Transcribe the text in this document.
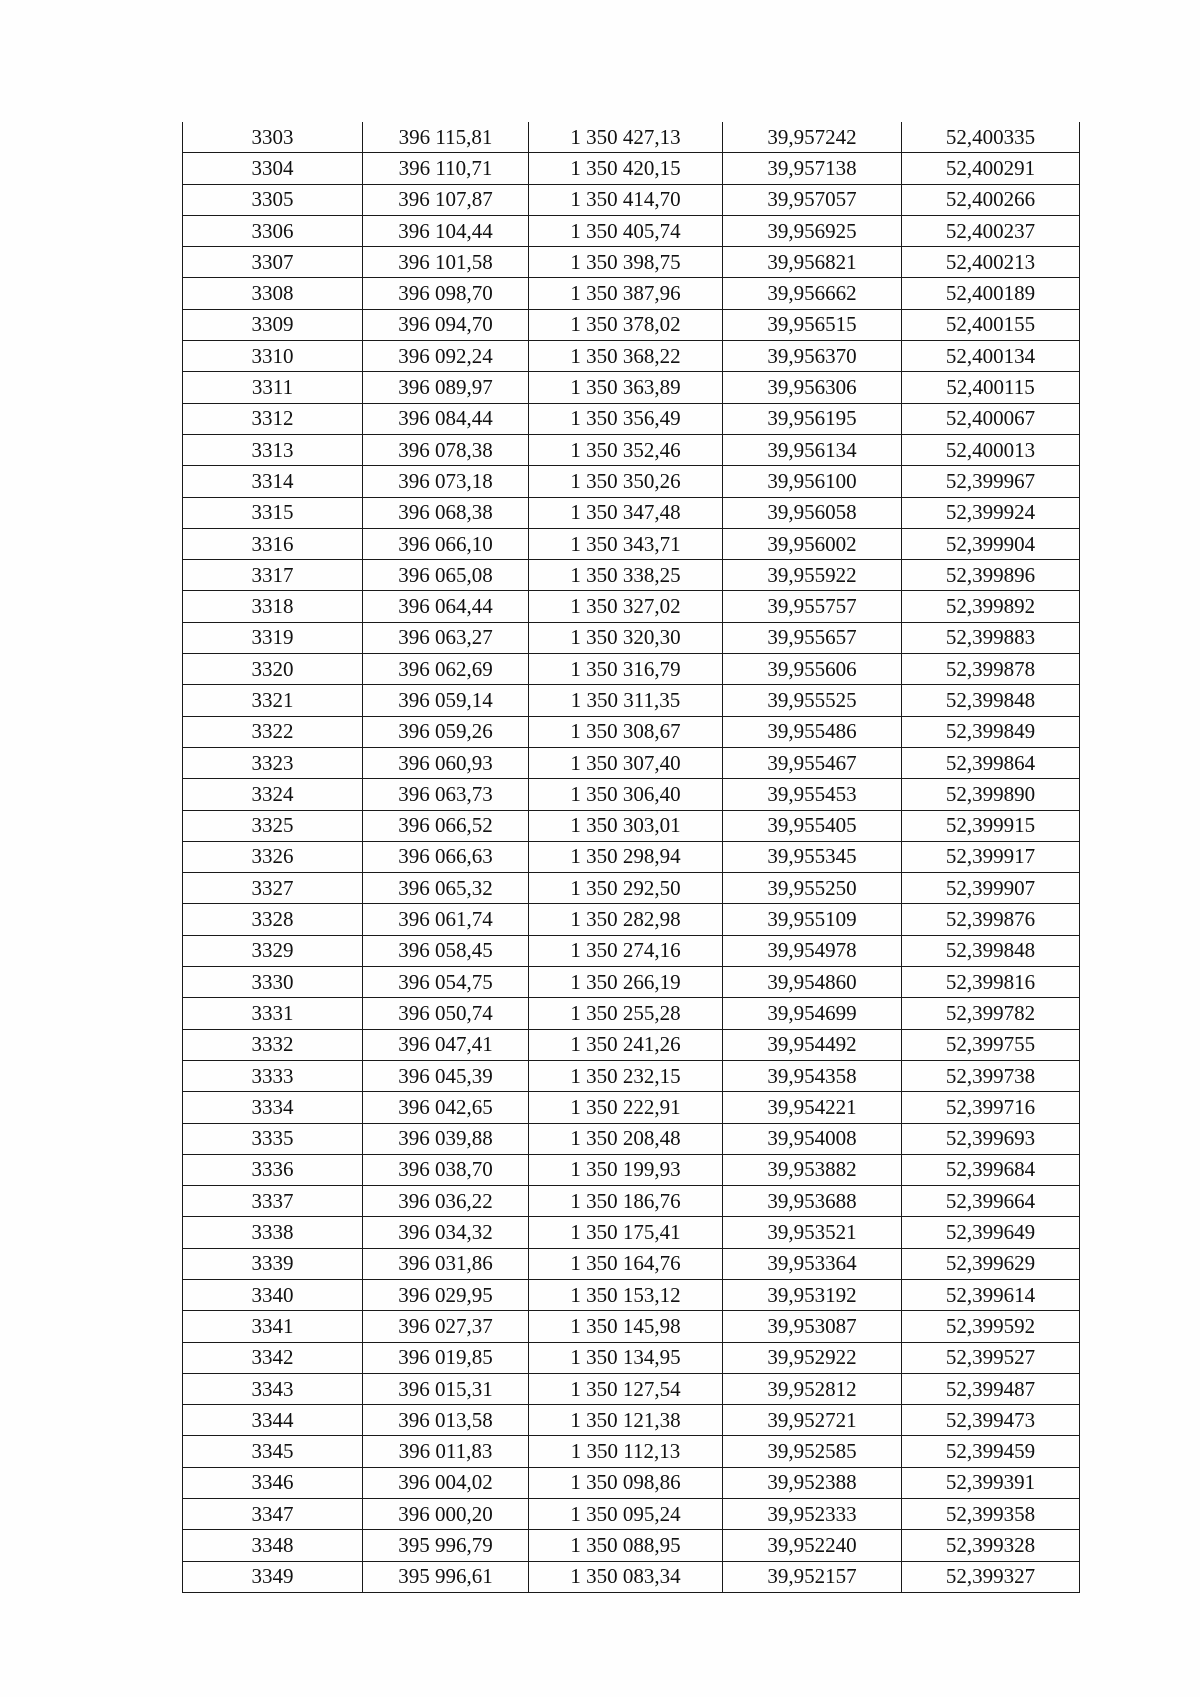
3303	396 115,81	1 350 427,13	39,957242	52,400335
3304	396 110,71	1 350 420,15	39,957138	52,400291
3305	396 107,87	1 350 414,70	39,957057	52,400266
3306	396 104,44	1 350 405,74	39,956925	52,400237
3307	396 101,58	1 350 398,75	39,956821	52,400213
3308	396 098,70	1 350 387,96	39,956662	52,400189
3309	396 094,70	1 350 378,02	39,956515	52,400155
3310	396 092,24	1 350 368,22	39,956370	52,400134
3311	396 089,97	1 350 363,89	39,956306	52,400115
3312	396 084,44	1 350 356,49	39,956195	52,400067
3313	396 078,38	1 350 352,46	39,956134	52,400013
3314	396 073,18	1 350 350,26	39,956100	52,399967
3315	396 068,38	1 350 347,48	39,956058	52,399924
3316	396 066,10	1 350 343,71	39,956002	52,399904
3317	396 065,08	1 350 338,25	39,955922	52,399896
3318	396 064,44	1 350 327,02	39,955757	52,399892
3319	396 063,27	1 350 320,30	39,955657	52,399883
3320	396 062,69	1 350 316,79	39,955606	52,399878
3321	396 059,14	1 350 311,35	39,955525	52,399848
3322	396 059,26	1 350 308,67	39,955486	52,399849
3323	396 060,93	1 350 307,40	39,955467	52,399864
3324	396 063,73	1 350 306,40	39,955453	52,399890
3325	396 066,52	1 350 303,01	39,955405	52,399915
3326	396 066,63	1 350 298,94	39,955345	52,399917
3327	396 065,32	1 350 292,50	39,955250	52,399907
3328	396 061,74	1 350 282,98	39,955109	52,399876
3329	396 058,45	1 350 274,16	39,954978	52,399848
3330	396 054,75	1 350 266,19	39,954860	52,399816
3331	396 050,74	1 350 255,28	39,954699	52,399782
3332	396 047,41	1 350 241,26	39,954492	52,399755
3333	396 045,39	1 350 232,15	39,954358	52,399738
3334	396 042,65	1 350 222,91	39,954221	52,399716
3335	396 039,88	1 350 208,48	39,954008	52,399693
3336	396 038,70	1 350 199,93	39,953882	52,399684
3337	396 036,22	1 350 186,76	39,953688	52,399664
3338	396 034,32	1 350 175,41	39,953521	52,399649
3339	396 031,86	1 350 164,76	39,953364	52,399629
3340	396 029,95	1 350 153,12	39,953192	52,399614
3341	396 027,37	1 350 145,98	39,953087	52,399592
3342	396 019,85	1 350 134,95	39,952922	52,399527
3343	396 015,31	1 350 127,54	39,952812	52,399487
3344	396 013,58	1 350 121,38	39,952721	52,399473
3345	396 011,83	1 350 112,13	39,952585	52,399459
3346	396 004,02	1 350 098,86	39,952388	52,399391
3347	396 000,20	1 350 095,24	39,952333	52,399358
3348	395 996,79	1 350 088,95	39,952240	52,399328
3349	395 996,61	1 350 083,34	39,952157	52,399327
